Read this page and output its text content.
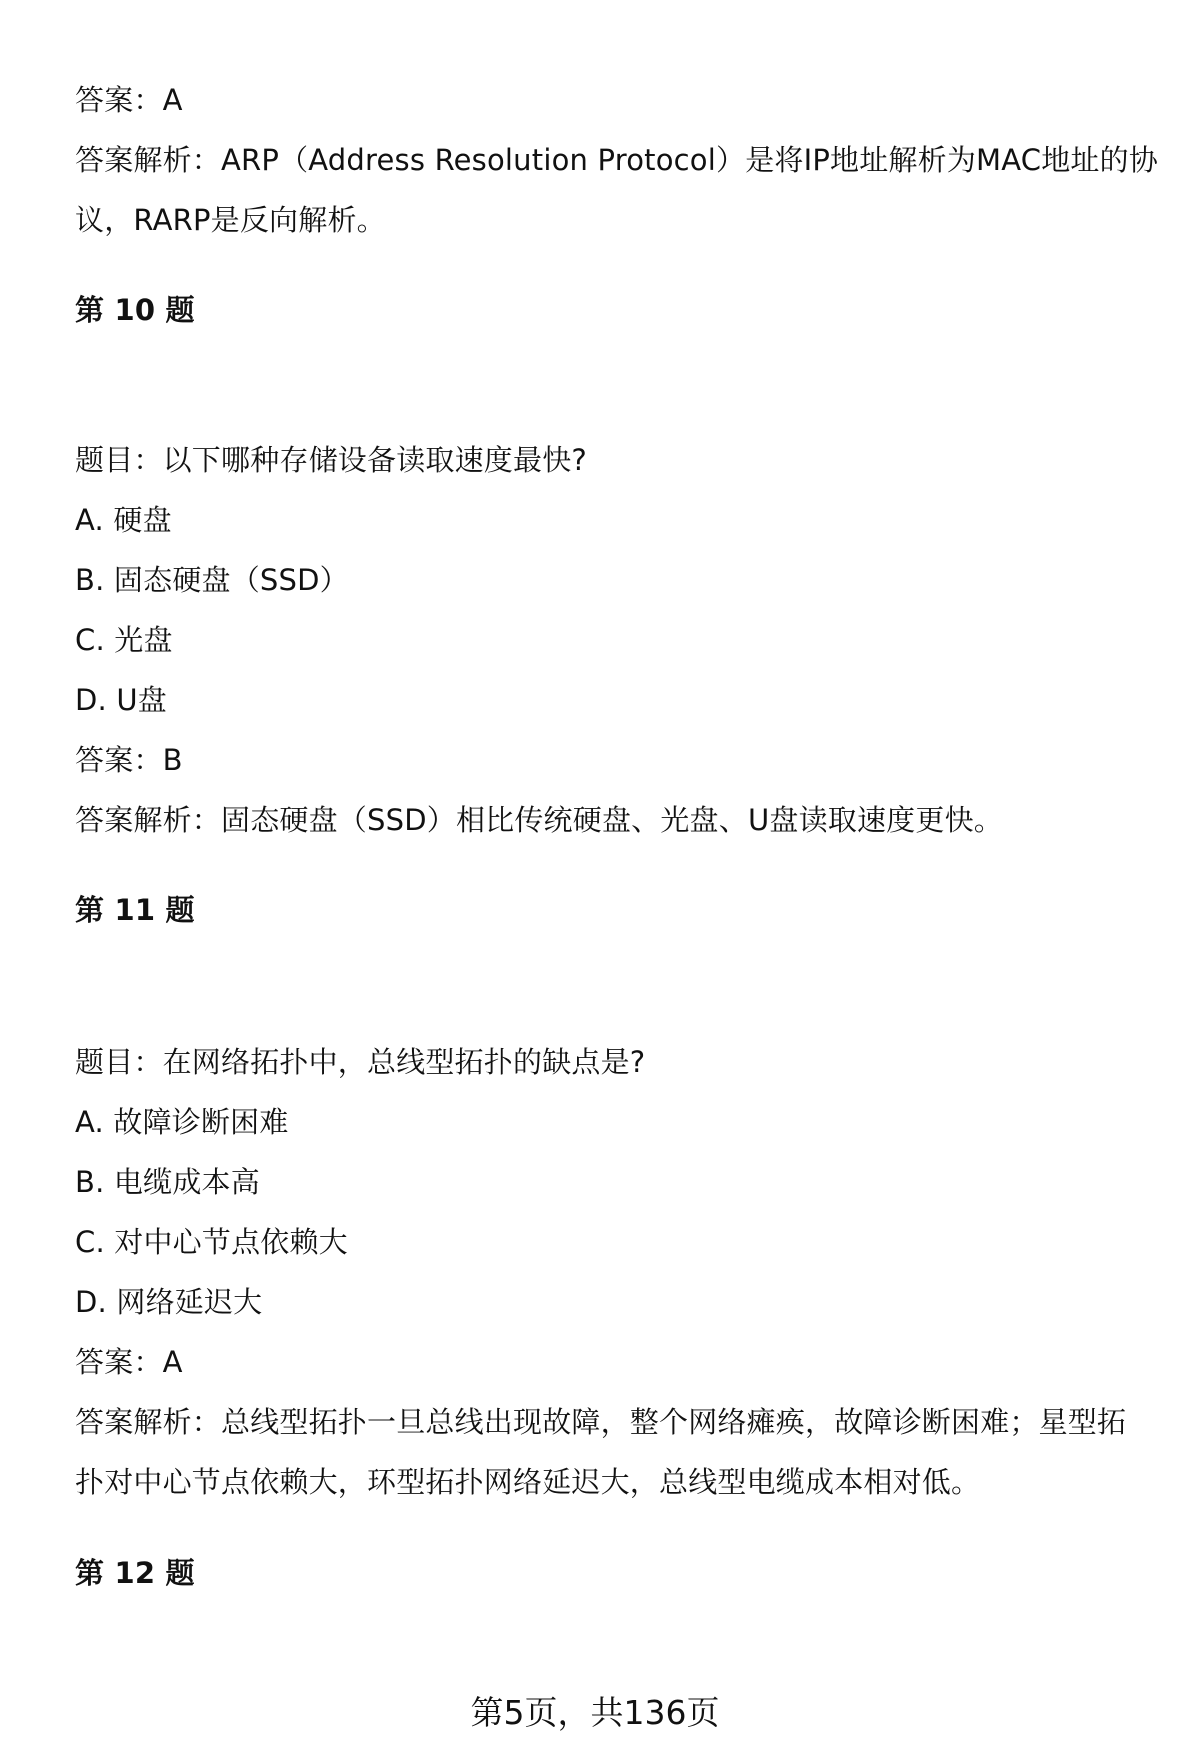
答案：A
答案解析：ARP（Address Resolution Protocol）是将IP地址解析为MAC地址的协
议，RARP是反向解析。
第 10 题
题目：以下哪种存储设备读取速度最快?
A. 硬盘
B. 固态硬盘（SSD）
C. 光盘
D. U盘
答案：B
答案解析：固态硬盘（SSD）相比传统硬盘、光盘、U盘读取速度更快。
第 11 题
题目：在网络拓扑中，总线型拓扑的缺点是?
A. 故障诊断困难
B. 电缆成本高
C. 对中心节点依赖大
D. 网络延迟大
答案：A
答案解析：总线型拓扑一旦总线出现故障，整个网络瘫痪，故障诊断困难；星型拓
扑对中心节点依赖大，环型拓扑网络延迟大，总线型电缆成本相对低。
第 12 题
第5页，共136页
